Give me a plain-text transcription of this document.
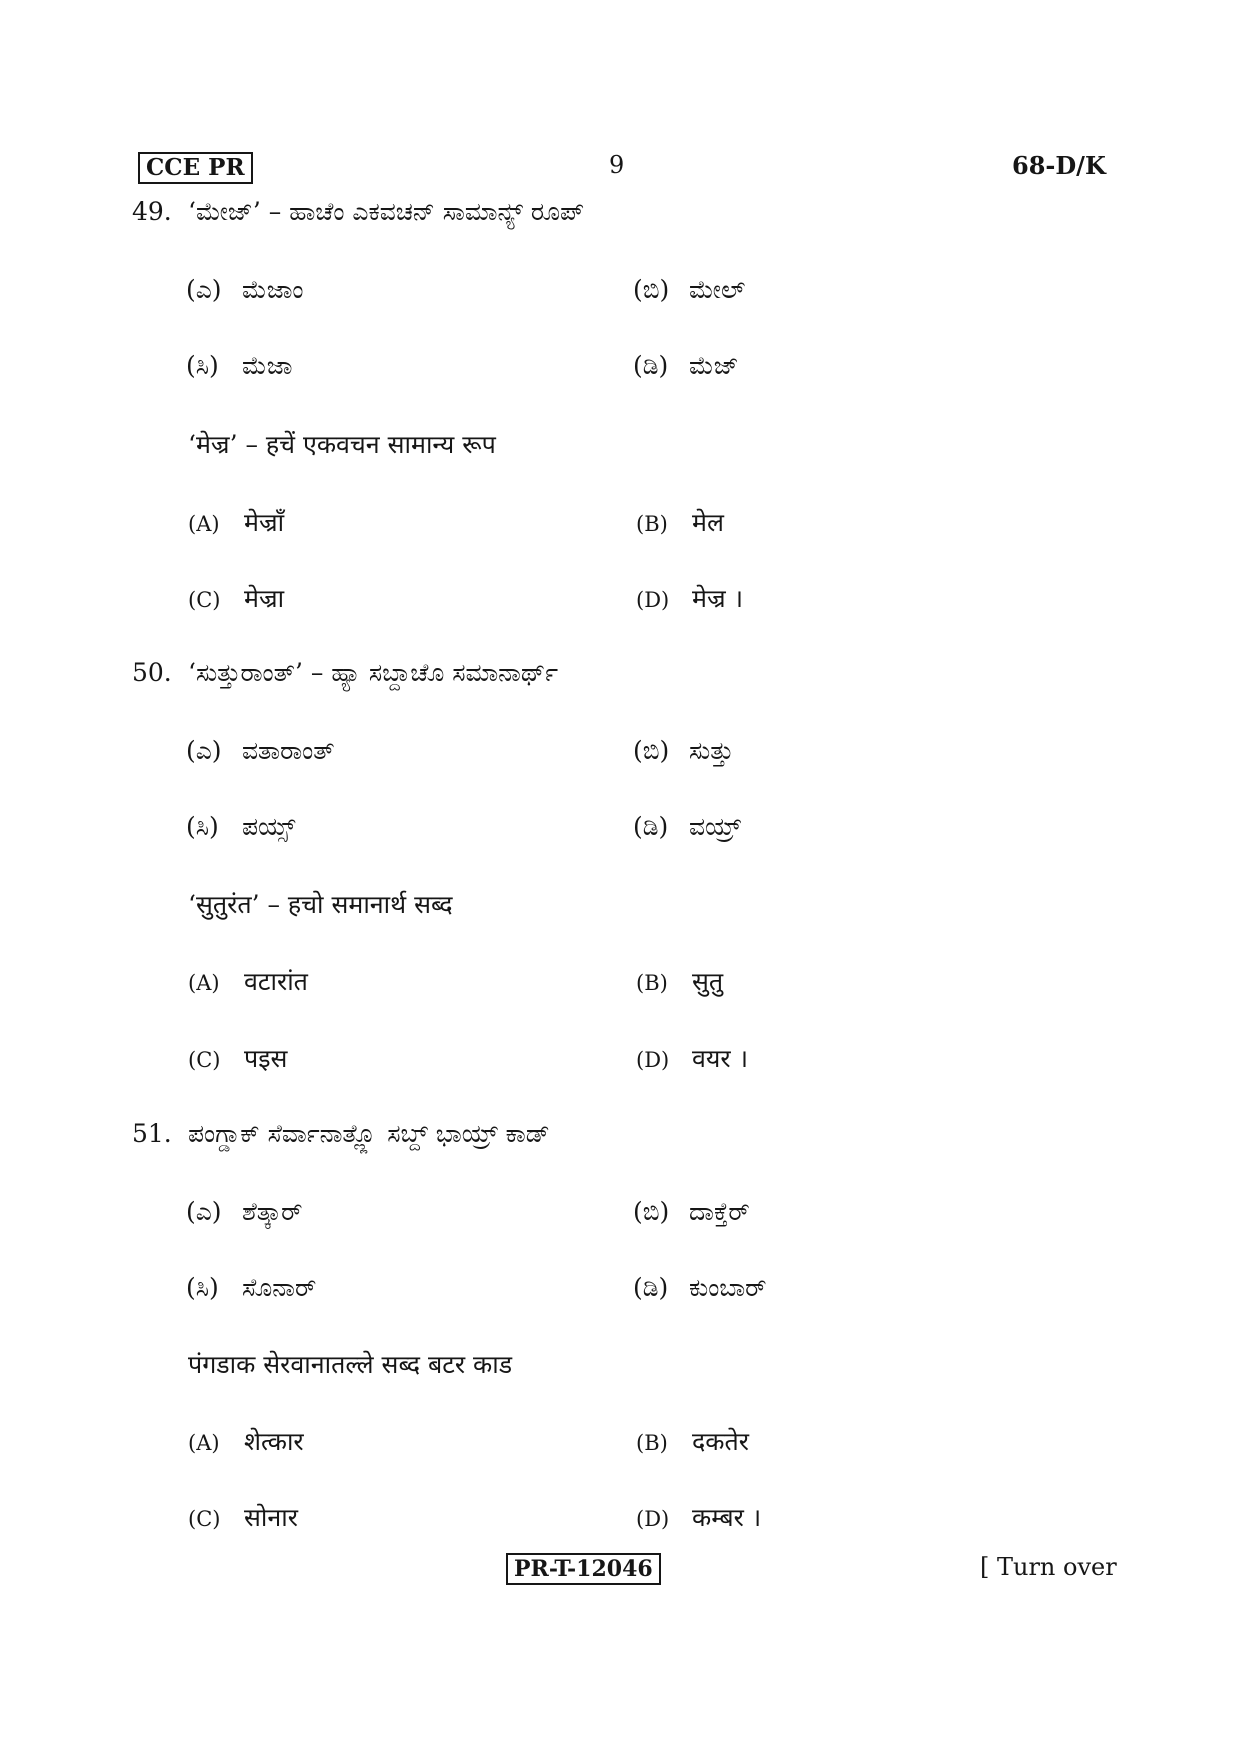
CCE PR	9	68-D/K
49. ‘ಮೇಜ್’ – ಹಾಚೆಂ ಎಕವಚನ್ ಸಾಮಾನ್ಯ್ ರೂಪ್
(ಎ) ಮೆಜಾಂ	(ಬಿ) ಮೇಲ್
(ಸಿ) ಮೆಜಾ	(ಡಿ) ಮೆಜ್
‘मेज्र’ – हचें एकवचन सामान्य रूप
(A) मेज्राँ	(B) मेल
(C) मेज्रा	(D) मेज्र ।
50. ‘ಸುತ್ತುರಾಂತ್’ – ಹ್ಯಾ ಸಬ್ದಾಚೊ ಸಮಾನಾರ್ಥ್
(ಎ) ವತಾರಾಂತ್	(ಬಿ) ಸುತ್ತು
(ಸಿ) ಪಯ್ಸ್	(ಡಿ) ವಯ್ರ್
‘सुतुरंत’ – हचो समानार्थ सब्द
(A) वटारांत	(B) सुतु
(C) पइस	(D) वयर ।
51. ಪಂಗ್ಡಾಕ್ ಸೆರ್ವಾನಾತ್ಲ್ಲೊ ಸಬ್ದ್ ಭಾಯ್ರ್ ಕಾಡ್
(ಎ) ಶೆತ್ಕಾರ್	(ಬಿ) ದಾಕ್ತೆರ್
(ಸಿ) ಸೊನಾರ್	(ಡಿ) ಕುಂಬಾರ್
पंगडाक सेरवानातल्ले सब्द बटर काड
(A) शेत्कार	(B) दकतेर
(C) सोनार	(D) कम्बर ।
PR-T-12046	[ Turn over
